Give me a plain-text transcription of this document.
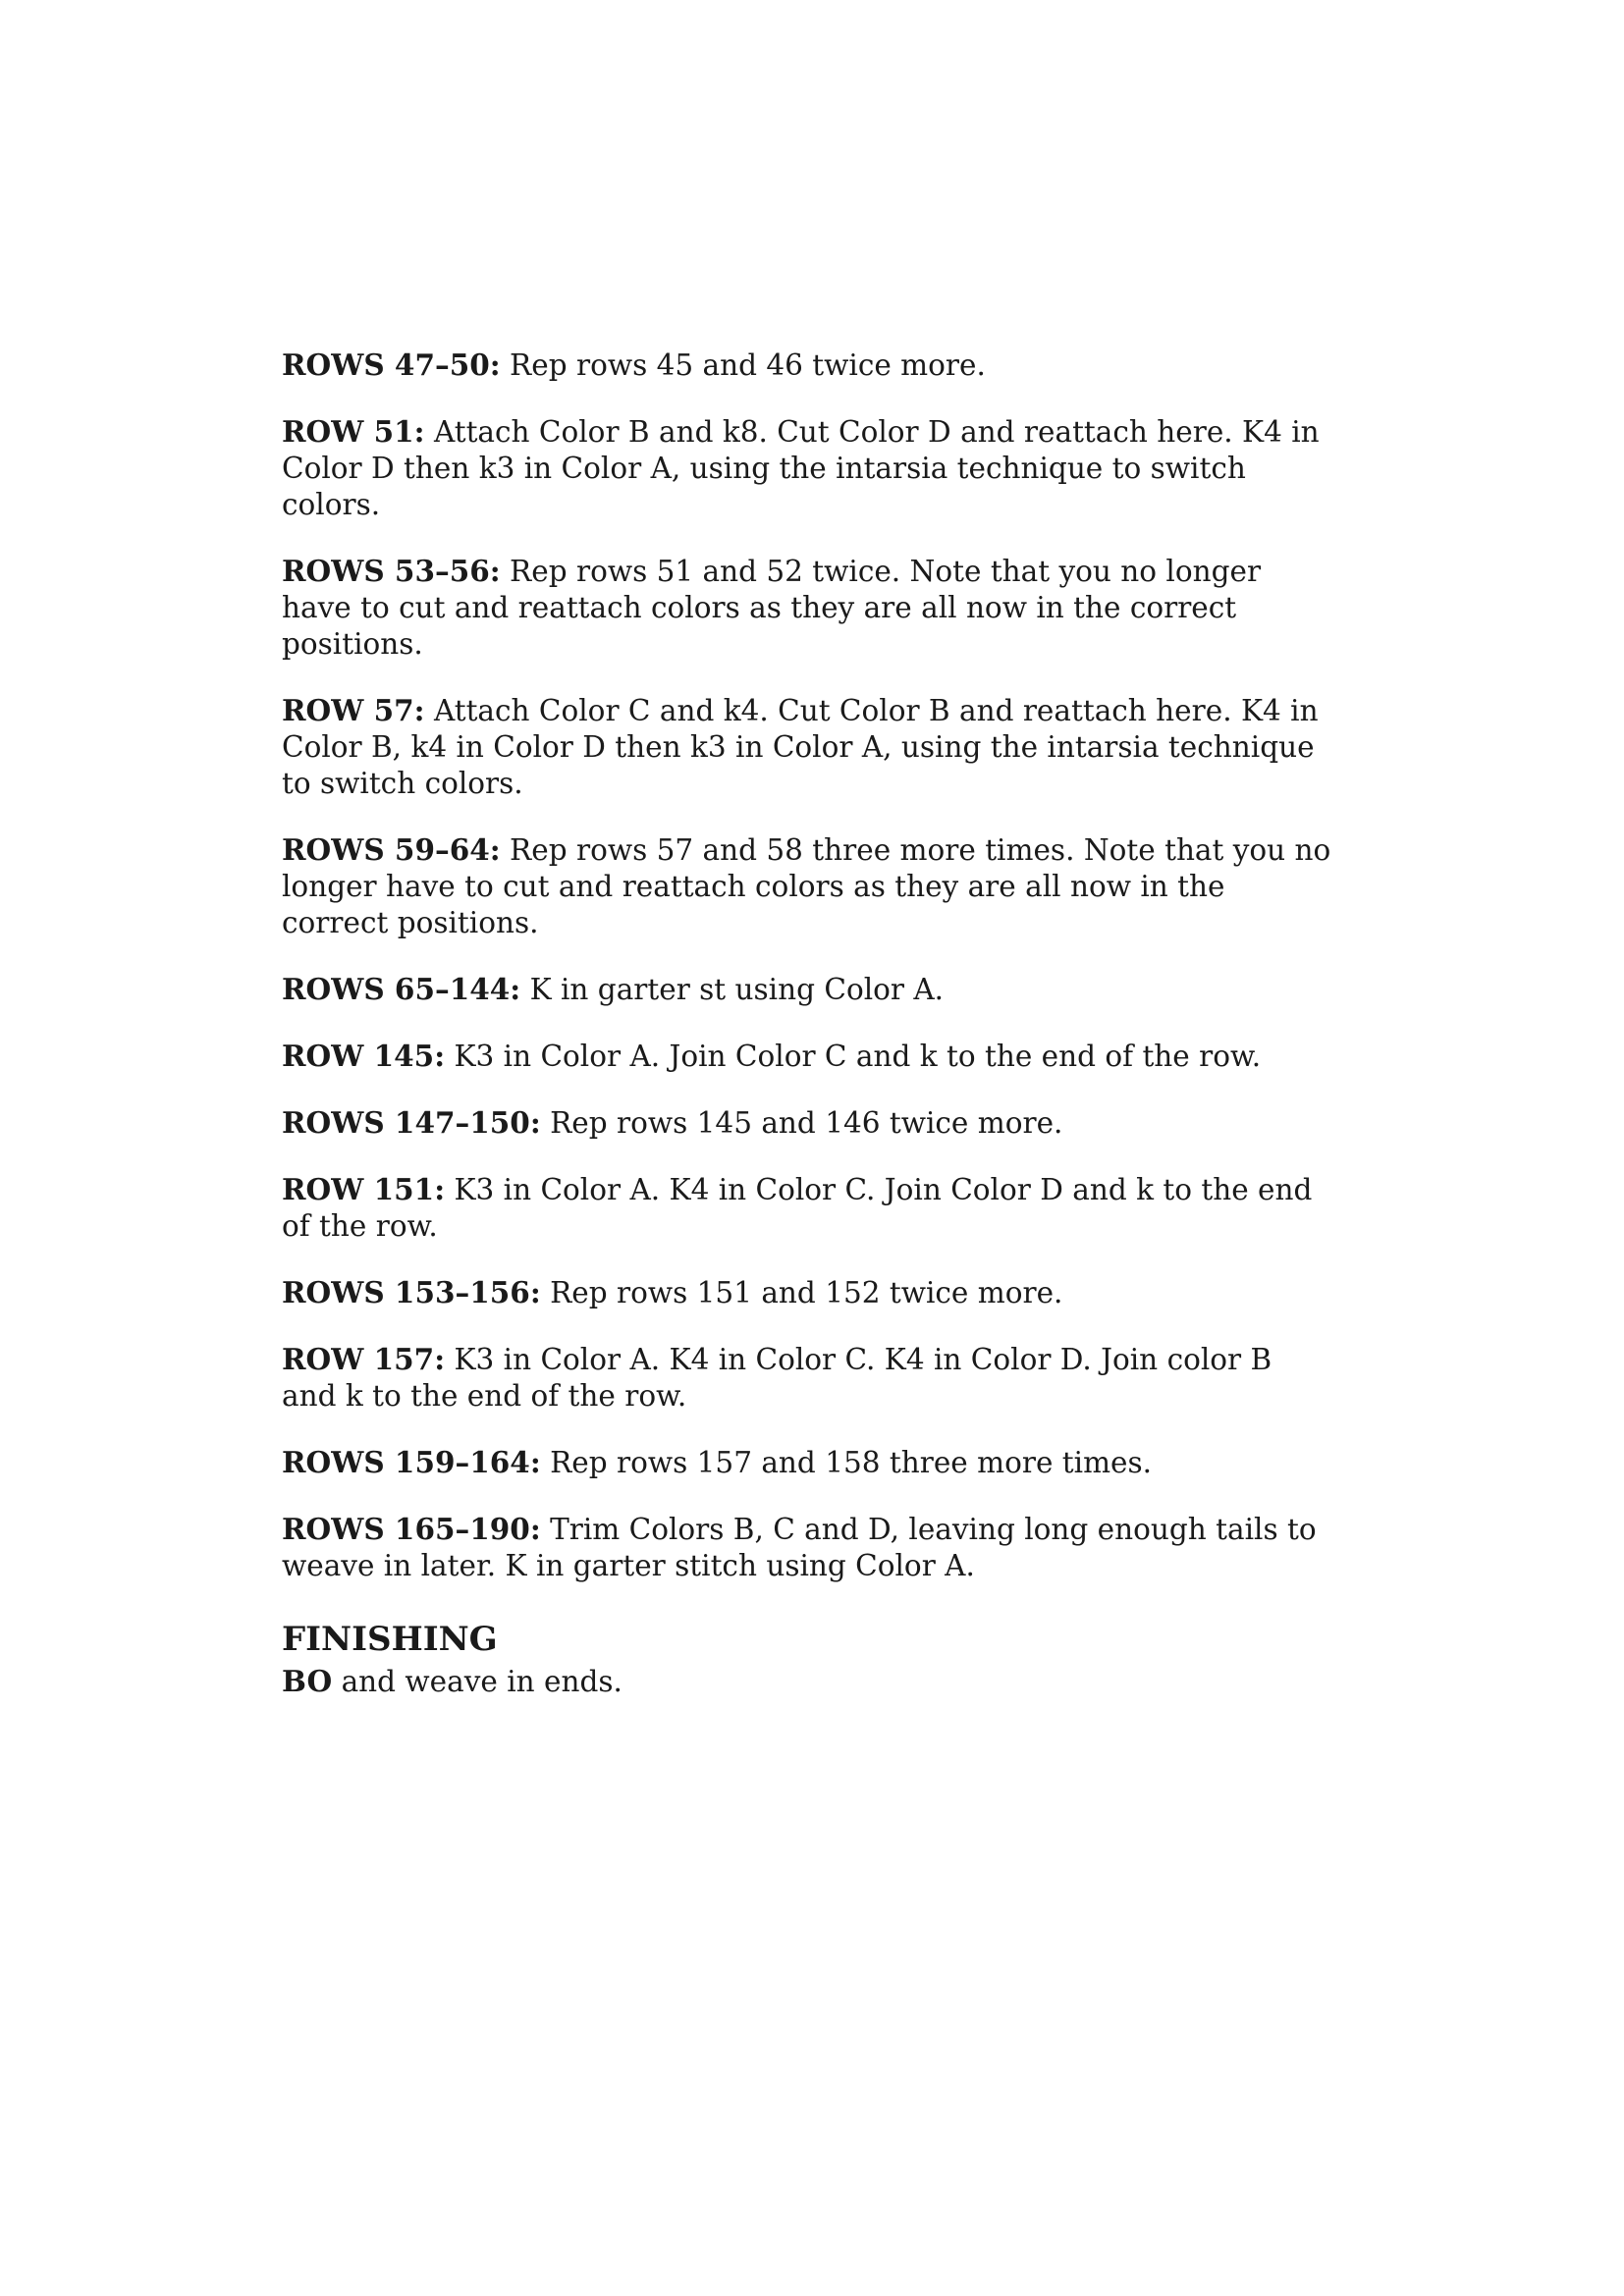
ROWS 47–50: Rep rows 45 and 46 twice more.

ROW 51: Attach Color B and k8. Cut Color D and reattach here. K4 in Color D then k3 in Color A, using the intarsia technique to switch colors.

ROWS 53–56: Rep rows 51 and 52 twice. Note that you no longer have to cut and reattach colors as they are all now in the correct positions.

ROW 57: Attach Color C and k4. Cut Color B and reattach here. K4 in Color B, k4 in Color D then k3 in Color A, using the intarsia technique to switch colors.

ROWS 59–64: Rep rows 57 and 58 three more times. Note that you no longer have to cut and reattach colors as they are all now in the correct positions.

ROWS 65–144: K in garter st using Color A.

ROW 145: K3 in Color A. Join Color C and k to the end of the row.

ROWS 147–150: Rep rows 145 and 146 twice more.

ROW 151: K3 in Color A. K4 in Color C. Join Color D and k to the end of the row.

ROWS 153–156: Rep rows 151 and 152 twice more.

ROW 157: K3 in Color A. K4 in Color C. K4 in Color D. Join color B and k to the end of the row.

ROWS 159–164: Rep rows 157 and 158 three more times.

ROWS 165–190: Trim Colors B, C and D, leaving long enough tails to weave in later. K in garter stitch using Color A.

FINISHING

BO and weave in ends.
